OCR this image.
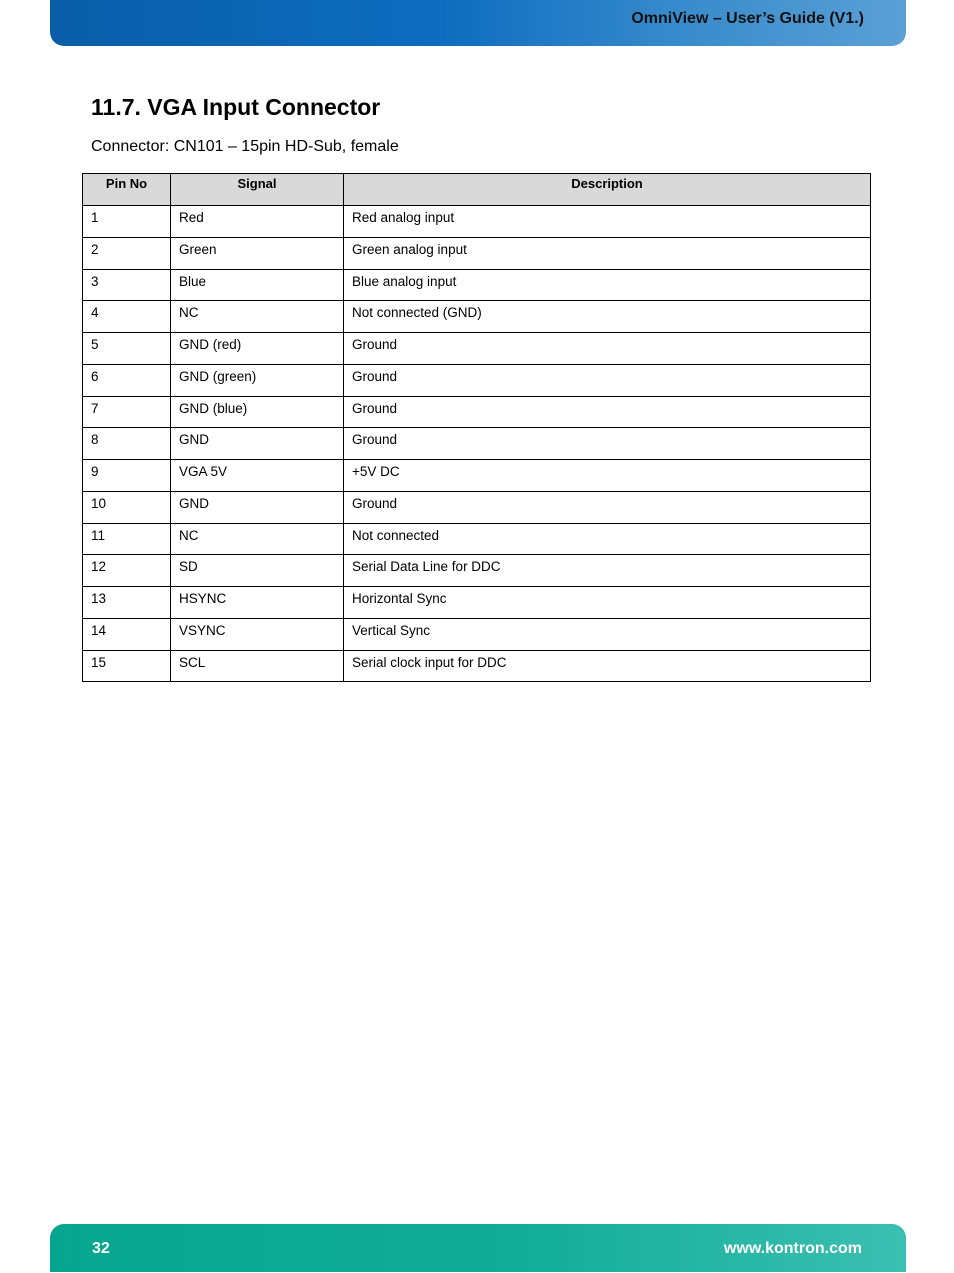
OmniView – User’s Guide (V1.)
11.7. VGA Input Connector
Connector: CN101 – 15pin HD-Sub, female
Pin No	Signal	Description
1	Red	Red analog input
2	Green	Green analog input
3	Blue	Blue analog input
4	NC	Not connected (GND)
5	GND (red)	Ground
6	GND (green)	Ground
7	GND (blue)	Ground
8	GND	Ground
9	VGA 5V	+5V DC
10	GND	Ground
11	NC	Not connected
12	SD	Serial Data Line for DDC
13	HSYNC	Horizontal Sync
14	VSYNC	Vertical Sync
15	SCL	Serial clock input for DDC
32	www.kontron.com
